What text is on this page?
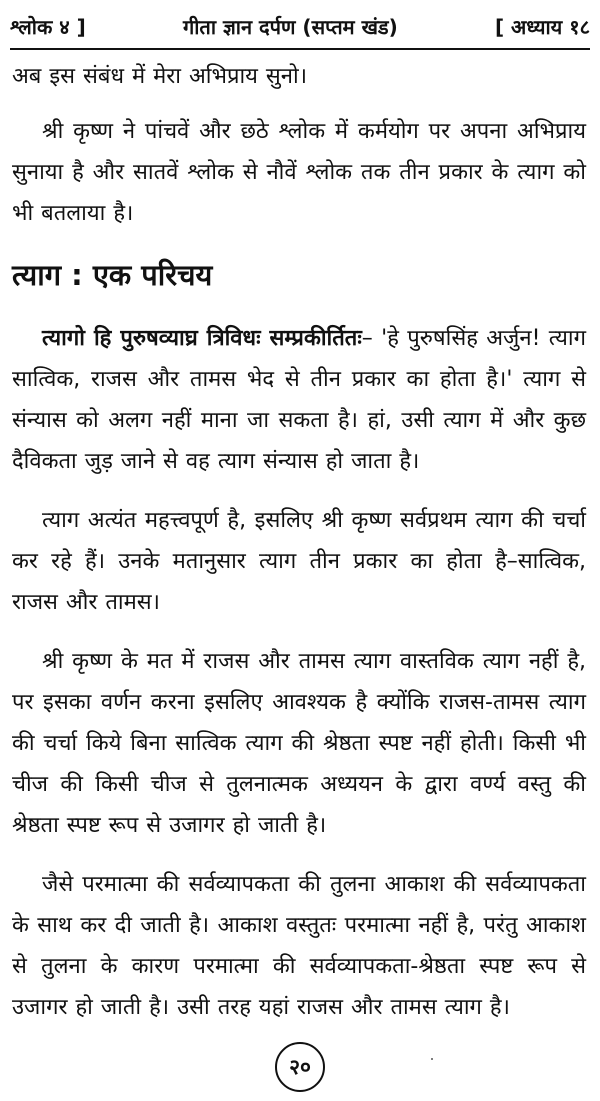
श्लोक ४ ]	गीता ज्ञान दर्पण (सप्तम खंड)	[ अध्याय १८

अब इस संबंध में मेरा अभिप्राय सुनो।

श्री कृष्ण ने पांचवें और छठे श्लोक में कर्मयोग पर अपना अभिप्राय सुनाया है और सातवें श्लोक से नौवें श्लोक तक तीन प्रकार के त्याग को भी बतलाया है।

त्याग : एक परिचय

त्यागो हि पुरुषव्याघ्र त्रिविधः सम्प्रकीर्तितः– 'हे पुरुषसिंह अर्जुन! त्याग सात्विक, राजस और तामस भेद से तीन प्रकार का होता है।' त्याग से संन्यास को अलग नहीं माना जा सकता है। हां, उसी त्याग में और कुछ दैविकता जुड़ जाने से वह त्याग संन्यास हो जाता है।

त्याग अत्यंत महत्त्वपूर्ण है, इसलिए श्री कृष्ण सर्वप्रथम त्याग की चर्चा कर रहे हैं। उनके मतानुसार त्याग तीन प्रकार का होता है–सात्विक, राजस और तामस।

श्री कृष्ण के मत में राजस और तामस त्याग वास्तविक त्याग नहीं है, पर इसका वर्णन करना इसलिए आवश्यक है क्योंकि राजस-तामस त्याग की चर्चा किये बिना सात्विक त्याग की श्रेष्ठता स्पष्ट नहीं होती। किसी भी चीज की किसी चीज से तुलनात्मक अध्ययन के द्वारा वर्ण्य वस्तु की श्रेष्ठता स्पष्ट रूप से उजागर हो जाती है।

जैसे परमात्मा की सर्वव्यापकता की तुलना आकाश की सर्वव्यापकता के साथ कर दी जाती है। आकाश वस्तुतः परमात्मा नहीं है, परंतु आकाश से तुलना के कारण परमात्मा की सर्वव्यापकता-श्रेष्ठता स्पष्ट रूप से उजागर हो जाती है। उसी तरह यहां राजस और तामस त्याग है।

२०
